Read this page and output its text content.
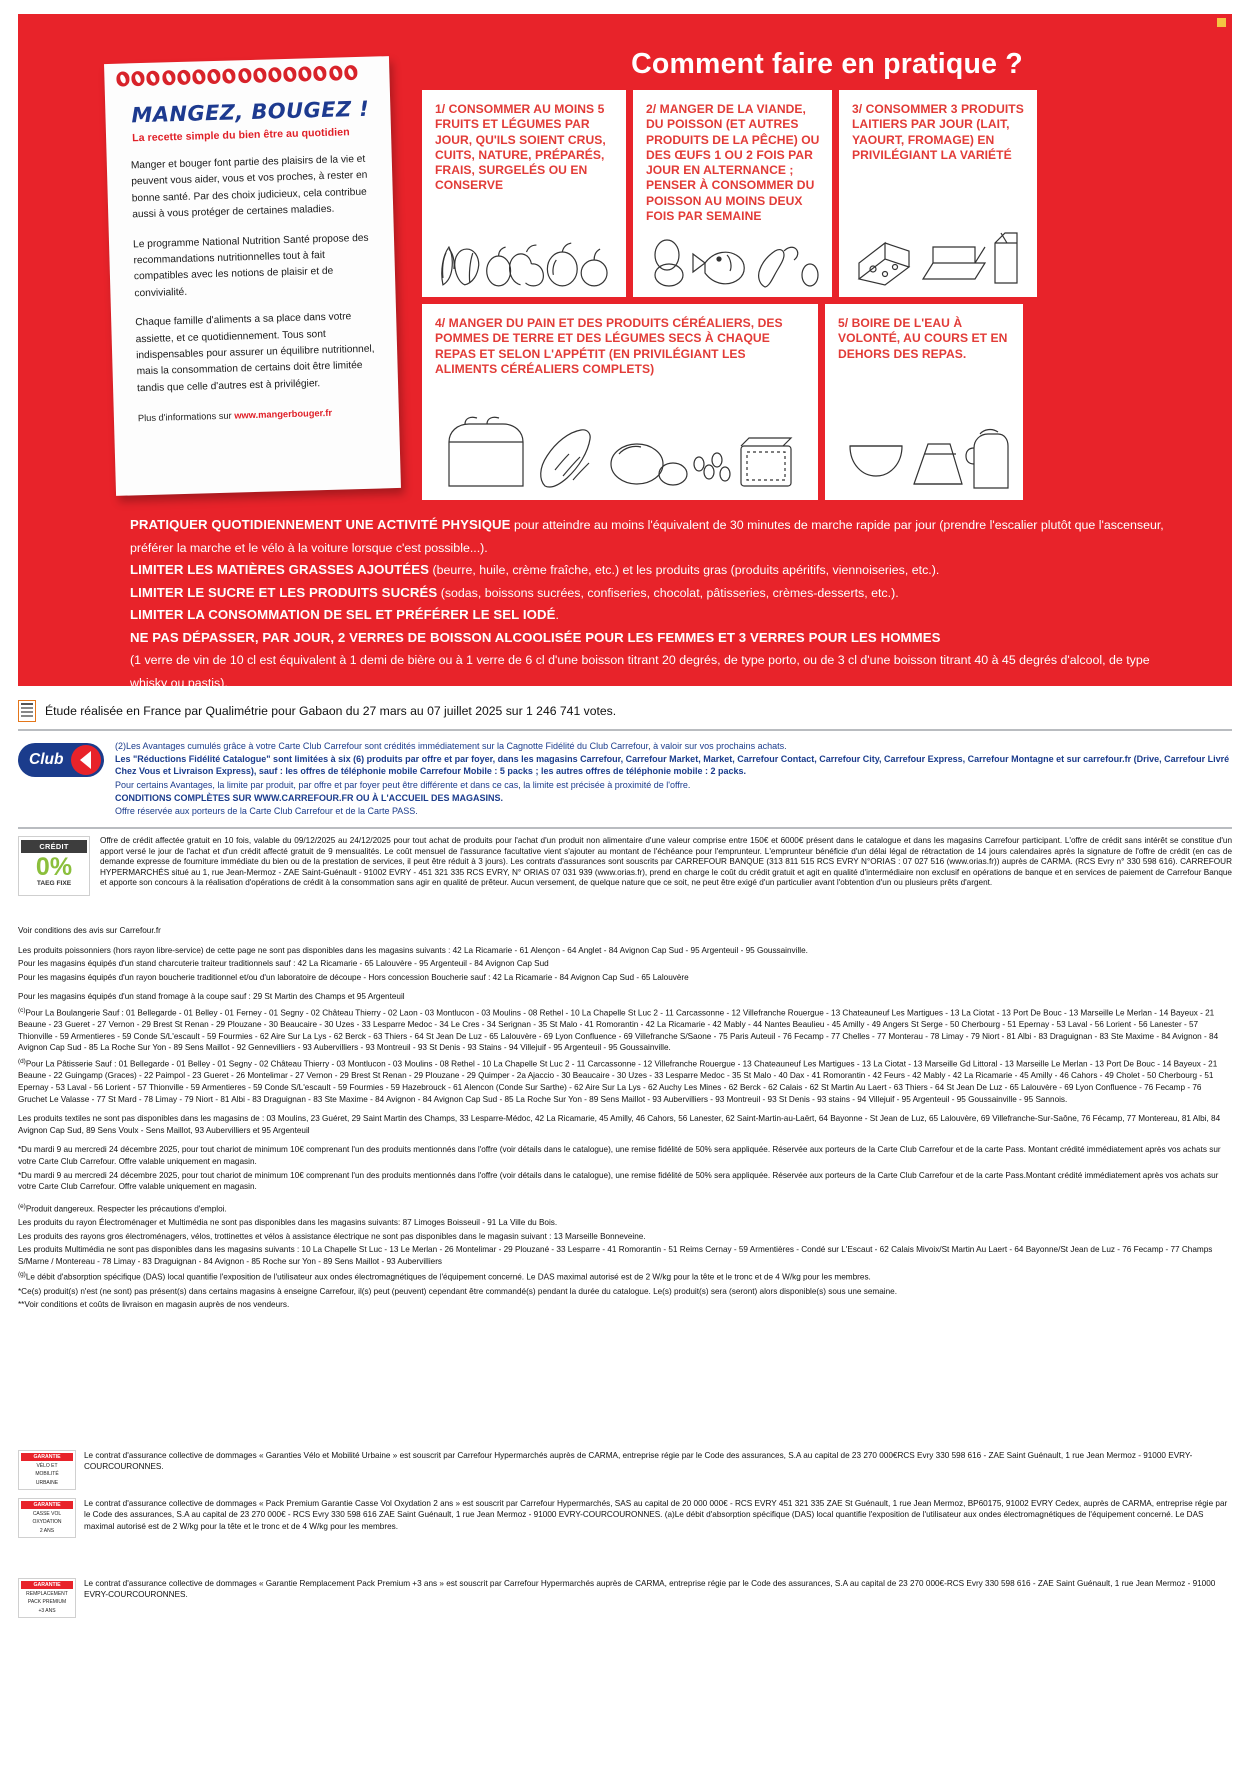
MANGEZ, BOUGEZ !
La recette simple du bien être au quotidien

Manger et bouger font partie des plaisirs de la vie et peuvent vous aider, vous et vos proches, à rester en bonne santé. Par des choix judicieux, cela contribue aussi à vous protéger de certaines maladies.

Le programme National Nutrition Santé propose des recommandations nutritionnelles tout à fait compatibles avec les notions de plaisir et de convivialité.

Chaque famille d'aliments a sa place dans votre assiette, et ce quotidiennement. Tous sont indispensables pour assurer un équilibre nutritionnel, mais la consommation de certains doit être limitée tandis que celle d'autres est à privilégier.

Plus d'informations sur www.mangerbouger.fr
Comment faire en pratique ?
1/ CONSOMMER AU MOINS 5 FRUITS ET LÉGUMES PAR JOUR, QU'ILS SOIENT CRUS, CUITS, NATURE, PRÉPARÉS, FRAIS, SURGELÉS OU EN CONSERVE
2/ MANGER DE LA VIANDE, DU POISSON (ET AUTRES PRODUITS DE LA PÊCHE) OU DES ŒUFS 1 OU 2 FOIS PAR JOUR EN ALTERNANCE ; PENSER À CONSOMMER DU POISSON AU MOINS DEUX FOIS PAR SEMAINE
3/ CONSOMMER 3 PRODUITS LAITIERS PAR JOUR (LAIT, YAOURT, FROMAGE) EN PRIVILÉGIANT LA VARIÉTÉ
4/ MANGER DU PAIN ET DES PRODUITS CÉRÉALIERS, DES POMMES DE TERRE ET DES LÉGUMES SECS À CHAQUE REPAS ET SELON L'APPÉTIT (EN PRIVILÉGIANT LES ALIMENTS CÉRÉALIERS COMPLETS)
5/ BOIRE DE L'EAU À VOLONTÉ, AU COURS ET EN DEHORS DES REPAS.

PRATIQUER QUOTIDIENNEMENT UNE ACTIVITÉ PHYSIQUE pour atteindre au moins l'équivalent de 30 minutes de marche rapide par jour (prendre l'escalier plutôt que l'ascenseur, préférer la marche et le vélo à la voiture lorsque c'est possible...).

LIMITER LES MATIÈRES GRASSES AJOUTÉES (beurre, huile, crème fraîche, etc.) et les produits gras (produits apéritifs, viennoiseries, etc.).

LIMITER LE SUCRE ET LES PRODUITS SUCRÉS (sodas, boissons sucrées, confiseries, chocolat, pâtisseries, crèmes-desserts, etc.).

LIMITER LA CONSOMMATION DE SEL ET PRÉFÉRER LE SEL IODÉ.

NE PAS DÉPASSER, PAR JOUR, 2 VERRES DE BOISSON ALCOOLISÉE POUR LES FEMMES ET 3 VERRES POUR LES HOMMES

(1 verre de vin de 10 cl est équivalent à 1 demi de bière ou à 1 verre de 6 cl d'une boisson titrant 20 degrés, de type porto, ou de 3 cl d'une boisson titrant 40 à 45 degrés d'alcool, de type whisky ou pastis).

Étude réalisée en France par Qualimétrie pour Gabaon du 27 mars au 07 juillet 2025 sur 1 246 741 votes.
Club

(2)Les Avantages cumulés grâce à votre Carte Club Carrefour sont crédités immédiatement sur la Cagnotte Fidélité du Club Carrefour, à valoir sur vos prochains achats.

Les "Réductions Fidélité Catalogue" sont limitées à six (6) produits par offre et par foyer, dans les magasins Carrefour, Carrefour Market, Market, Carrefour Contact, Carrefour City, Carrefour Express, Carrefour Montagne et sur carrefour.fr (Drive, Carrefour Livré Chez Vous et Livraison Express), sauf : les offres de téléphonie mobile Carrefour Mobile : 5 packs ; les autres offres de téléphonie mobile : 2 packs.

Pour certains Avantages, la limite par produit, par offre et par foyer peut être différente et dans ce cas, la limite est précisée à proximité de l'offre.

CONDITIONS COMPLÈTES SUR WWW.CARREFOUR.FR OU À L'ACCUEIL DES MAGASINS.

Offre réservée aux porteurs de la Carte Club Carrefour et de la Carte PASS.

CRÉDIT
0%
TAEG FIXE
Offre de crédit affectée gratuit en 10 fois, valable du 09/12/2025 au 24/12/2025 pour tout achat de produits pour l'achat d'un produit non alimentaire d'une valeur comprise entre 150€ et 6000€ présent dans le catalogue et dans les magasins Carrefour participant. L'offre de crédit sans intérêt se constitue d'un apport versé le jour de l'achat et d'un crédit affecté gratuit de 9 mensualités. Le coût mensuel de l'assurance facultative vient s'ajouter au montant de l'échéance pour l'emprunteur. L'emprunteur bénéficie d'un délai légal de rétractation de 14 jours calendaires après la signature de l'offre de crédit (en cas de demande expresse de fourniture immédiate du bien ou de la prestation de services, il peut être réduit à 3 jours). Les contrats d'assurances sont souscrits par CARREFOUR BANQUE (313 811 515 RCS EVRY N°ORIAS : 07 027 516 (www.orias.fr)) auprès de CARMA. (RCS Evry n° 330 598 616). CARREFOUR HYPERMARCHÉS situé au 1, rue Jean-Mermoz - ZAE Saint-Guénault - 91002 EVRY - 451 321 335 RCS EVRY, N° ORIAS 07 031 939 (www.orias.fr), prend en charge le coût du crédit gratuit et agit en qualité d'intermédiaire non exclusif en opérations de banque et en services de paiement de Carrefour Banque et apporte son concours à la réalisation d'opérations de crédit à la consommation sans agir en qualité de prêteur. Aucun versement, de quelque nature que ce soit, ne peut être exigé d'un particulier avant l'obtention d'un ou plusieurs prêts d'argent.

Voir conditions des avis sur Carrefour.fr

Les produits poissonniers (hors rayon libre-service) de cette page ne sont pas disponibles dans les magasins suivants : 42 La Ricamarie - 61 Alençon - 64 Anglet - 84 Avignon Cap Sud - 95 Argenteuil - 95 Goussainville.

Pour les magasins équipés d'un stand charcuterie traiteur traditionnels sauf : 42 La Ricamarie - 65 Lalouvère - 95 Argenteuil - 84 Avignon Cap Sud

Pour les magasins équipés d'un rayon boucherie traditionnel et/ou d'un laboratoire de découpe - Hors concession Boucherie sauf : 42 La Ricamarie - 84 Avignon Cap Sud - 65 Lalouvère

Pour les magasins équipés d'un stand fromage à la coupe sauf : 29 St Martin des Champs et 95 Argenteuil

$^{(c)}$Pour La Boulangerie Sauf : 01 Bellegarde - 01 Belley - 01 Ferney - 01 Segny - 02 Château Thierry - 02 Laon - 03 Montlucon - 03 Moulins - 08 Rethel - 10 La Chapelle St Luc 2 - 11 Carcassonne - 12 Villefranche Rouergue - 13 Chateauneuf Les Martigues - 13 La Ciotat - 13 Port De Bouc - 13 Marseille Le Merlan - 14 Bayeux - 21 Beaune - 23 Gueret - 27 Vernon - 29 Brest St Renan - 29 Plouzane - 30 Beaucaire - 30 Uzes - 33 Lesparre Medoc - 34 Le Cres - 34 Serignan - 35 St Malo - 41 Romorantin - 42 La Ricamarie - 42 Mably - 44 Nantes Beaulieu - 45 Amilly - 49 Angers St Serge - 50 Cherbourg - 51 Epernay - 53 Laval - 56 Lorient - 56 Lanester - 57 Thionville - 59 Armentieres - 59 Conde S/L'escault - 59 Fourmies - 62 Aire Sur La Lys - 62 Berck - 63 Thiers - 64 St Jean De Luz - 65 Lalouvère - 69 Lyon Confluence - 69 Villefranche S/Saone - 75 Paris Auteuil - 76 Fecamp - 77 Chelles - 77 Monterau - 78 Limay - 79 Niort - 81 Albi - 83 Draguignan - 83 Ste Maxime - 84 Avignon - 84 Avignon Cap Sud - 85 La Roche Sur Yon - 89 Sens Maillot - 92 Gennevilliers - 93 Aubervilliers - 93 Montreuil - 93 St Denis - 93 Stains - 94 Villejuif - 95 Argenteuil - 95 Goussainville.

$^{(d)}$Pour La Pâtisserie Sauf : 01 Bellegarde - 01 Belley - 01 Segny - 02 Château Thierry - 03 Montlucon - 03 Moulins - 08 Rethel - 10 La Chapelle St Luc 2 - 11 Carcassonne - 12 Villefranche Rouergue - 13 Chateauneuf Les Martigues - 13 La Ciotat - 13 Marseille Gd Littoral - 13 Marseille Le Merlan - 13 Port De Bouc - 14 Bayeux - 21 Beaune - 22 Guingamp (Graces) - 22 Paimpol - 23 Gueret - 26 Montelimar - 27 Vernon - 29 Brest St Renan - 29 Plouzane - 29 Quimper - 2a Ajaccio - 30 Beaucaire - 30 Uzes - 33 Lesparre Medoc - 35 St Malo - 40 Dax - 41 Romorantin - 42 Feurs - 42 Mably - 42 La Ricamarie - 45 Amilly - 46 Cahors - 49 Cholet - 50 Cherbourg - 51 Epernay - 53 Laval - 56 Lorient - 57 Thionville - 59 Armentieres - 59 Conde S/L'escault - 59 Fourmies - 59 Hazebrouck - 61 Alencon (Conde Sur Sarthe) - 62 Aire Sur La Lys - 62 Auchy Les Mines - 62 Berck - 62 Calais - 62 St Martin Au Laert - 63 Thiers - 64 St Jean De Luz - 65 Lalouvère - 69 Lyon Confluence - 76 Fecamp - 76 Gruchet Le Valasse - 77 St Mard - 78 Limay - 79 Niort - 81 Albi - 83 Draguignan - 83 Ste Maxime - 84 Avignon - 84 Avignon Cap Sud - 85 La Roche Sur Yon - 89 Sens Maillot - 93 Aubervilliers - 93 Montreuil - 93 St Denis - 93 stains - 94 Villejuif - 95 Argenteuil - 95 Goussainville - 95 Sannois.

Les produits textiles ne sont pas disponibles dans les magasins de : 03 Moulins, 23 Guéret, 29 Saint Martin des Champs, 33 Lesparre-Médoc, 42 La Ricamarie, 45 Amilly, 46 Cahors, 56 Lanester, 62 Saint-Martin-au-Laërt, 64 Bayonne - St Jean de Luz, 65 Lalouvère, 69 Villefranche-Sur-Saône, 76 Fécamp, 77 Montereau, 81 Albi, 84 Avignon Cap Sud, 89 Sens Voulx - Sens Maillot, 93 Aubervilliers et 95 Argenteuil

*Du mardi 9 au mercredi 24 décembre 2025, pour tout chariot de minimum 10€ comprenant l'un des produits mentionnés dans l'offre (voir détails dans le catalogue), une remise fidélité de 50% sera appliquée. Réservée aux porteurs de la Carte Club Carrefour et de la carte Pass. Montant crédité immédiatement après vos achats sur votre Carte Club Carrefour. Offre valable uniquement en magasin.

*Du mardi 9 au mercredi 24 décembre 2025, pour tout chariot de minimum 10€ comprenant l'un des produits mentionnés dans l'offre (voir détails dans le catalogue), une remise fidélité de 50% sera appliquée. Réservée aux porteurs de la Carte Club Carrefour et de la carte Pass.Montant crédité immédiatement après vos achats sur votre Carte Club Carrefour. Offre valable uniquement en magasin.

$^{(e)}$Produit dangereux. Respecter les précautions d'emploi.

Les produits du rayon Électroménager et Multimédia ne sont pas disponibles dans les magasins suivants: 87 Limoges Boisseuil - 91 La Ville du Bois.

Les produits des rayons gros électroménagers, vélos, trottinettes et vélos à assistance électrique ne sont pas disponibles dans le magasin suivant : 13 Marseille Bonneveine.

Les produits Multimédia ne sont pas disponibles dans les magasins suivants : 10 La Chapelle St Luc - 13 Le Merlan - 26 Montelimar - 29 Plouzané - 33 Lesparre - 41 Romorantin - 51 Reims Cernay - 59 Armentières - Condé sur L'Escaut - 62 Calais Mivoix/St Martin Au Laert - 64 Bayonne/St Jean de Luz - 76 Fecamp - 77 Champs S/Marne / Montereau - 78 Limay - 83 Draguignan - 84 Avignon - 85 Roche sur Yon - 89 Sens Maillot - 93 Aubervilliers

$^{(g)}$Le débit d'absorption spécifique (DAS) local quantifie l'exposition de l'utilisateur aux ondes électromagnétiques de l'équipement concerné. Le DAS maximal autorisé est de 2 W/kg pour la tête et le tronc et de 4 W/kg pour les membres.

*Ce(s) produit(s) n'est (ne sont) pas présent(s) dans certains magasins à enseigne Carrefour, il(s) peut (peuvent) cependant être commandé(s) pendant la durée du catalogue. Le(s) produit(s) sera (seront) alors disponible(s) sous une semaine.

**Voir conditions et coûts de livraison en magasin auprès de nos vendeurs.

GARANTIE
VÉLO ET
MOBILITÉ
URBAINE
Le contrat d'assurance collective de dommages « Garanties Vélo et Mobilité Urbaine » est souscrit par Carrefour Hypermarchés auprès de CARMA, entreprise régie par le Code des assurances, S.A au capital de 23 270 000€RCS Evry 330 598 616 - ZAE Saint Guénault, 1 rue Jean Mermoz - 91000 EVRY-COURCOURONNES.
GARANTIE
CASSE VOL
OXYDATION
2 ANS
Le contrat d'assurance collective de dommages « Pack Premium Garantie Casse Vol Oxydation 2 ans » est souscrit par Carrefour Hypermarchés, SAS au capital de 20 000 000€ - RCS EVRY 451 321 335 ZAE St Guénault, 1 rue Jean Mermoz, BP60175, 91002 EVRY Cedex, auprès de CARMA, entreprise régie par le Code des assurances, S.A au capital de 23 270 000€ - RCS Evry 330 598 616 ZAE Saint Guénault, 1 rue Jean Mermoz - 91000 EVRY-COURCOURONNES. (a)Le débit d'absorption spécifique (DAS) local quantifie l'exposition de l'utilisateur aux ondes électromagnétiques de l'équipement concerné. Le DAS maximal autorisé est de 2 W/kg pour la tête et le tronc et de 4 W/kg pour les membres.
GARANTIE
REMPLACEMENT
PACK PREMIUM
+3 ANS
Le contrat d'assurance collective de dommages « Garantie Remplacement Pack Premium +3 ans » est souscrit par Carrefour Hypermarchés auprès de CARMA, entreprise régie par le Code des assurances, S.A au capital de 23 270 000€-RCS Evry 330 598 616 - ZAE Saint Guénault, 1 rue Jean Mermoz - 91000 EVRY-COURCOURONNES.
